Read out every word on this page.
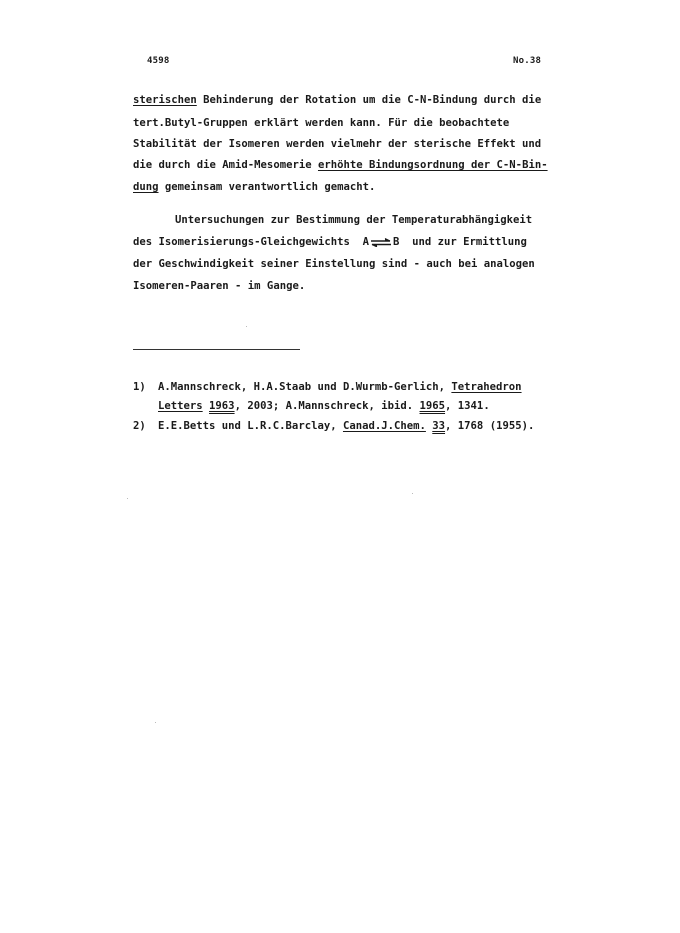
4598	No.38
sterischen Behinderung der Rotation um die C-N-Bindung durch die
tert.Butyl-Gruppen erklärt werden kann. Für die beobachtete
Stabilität der Isomeren werden vielmehr der sterische Effekt und
die durch die Amid-Mesomerie erhöhte Bindungsordnung der C-N-Bin-
dung gemeinsam verantwortlich gemacht.
Untersuchungen zur Bestimmung der Temperaturabhängigkeit
des Isomerisierungs-Gleichgewichts  A⇌B  und zur Ermittlung
der Geschwindigkeit seiner Einstellung sind - auch bei analogen
Isomeren-Paaren - im Gange.
1) A.Mannschreck, H.A.Staab und D.Wurmb-Gerlich, Tetrahedron
Letters 1963, 2003; A.Mannschreck, ibid. 1965, 1341.
2) E.E.Betts und L.R.C.Barclay, Canad.J.Chem. 33, 1768 (1955).
